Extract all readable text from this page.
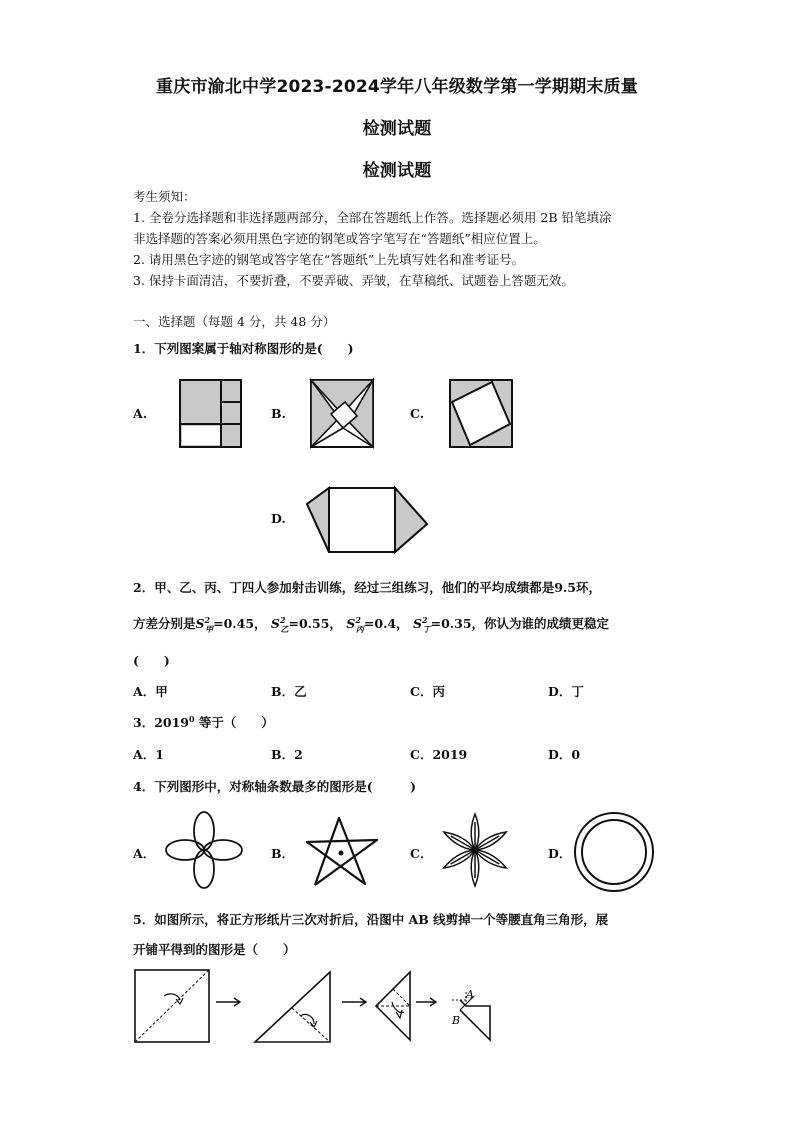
重庆市渝北中学2023-2024学年八年级数学第一学期期末质量
检测试题
检测试题
考生须知：
1. 全卷分选择题和非选择题两部分，全部在答题纸上作答。选择题必须用 2B 铅笔填涂
非选择题的答案必须用黑色字迹的钢笔或答字笔写在“答题纸”相应位置上。
2. 请用黑色字迹的钢笔或答字笔在“答题纸”上先填写姓名和准考证号。
3. 保持卡面清洁，不要折叠，不要弄破、弄皱，在草稿纸、试题卷上答题无效。
一、选择题（每题 4 分，共 48 分）
1．下列图案属于轴对称图形的是(　　)
A.	B.	C.
D.
2．甲、乙、丙、丁四人参加射击训练，经过三组练习，他们的平均成绩都是9.5环，
方差分别是$S^2_甲=0.45$， $S^2_乙=0.55$， $S^2_丙=0.4$， $S^2_丁=0.35$，你认为谁的成绩更稳定
(　　)
A．甲	B．乙	C．丙	D．丁
3．2019$^0$ 等于（　　）
A．1	B．2	C．2019	D．0
4．下列图形中，对称轴条数最多的图形是(　　　)
A．	B．	C．	D．
5．如图所示，将正方形纸片三次对折后，沿图中 AB 线剪掉一个等腰直角三角形，展
开铺平得到的图形是（　　）
A
B
